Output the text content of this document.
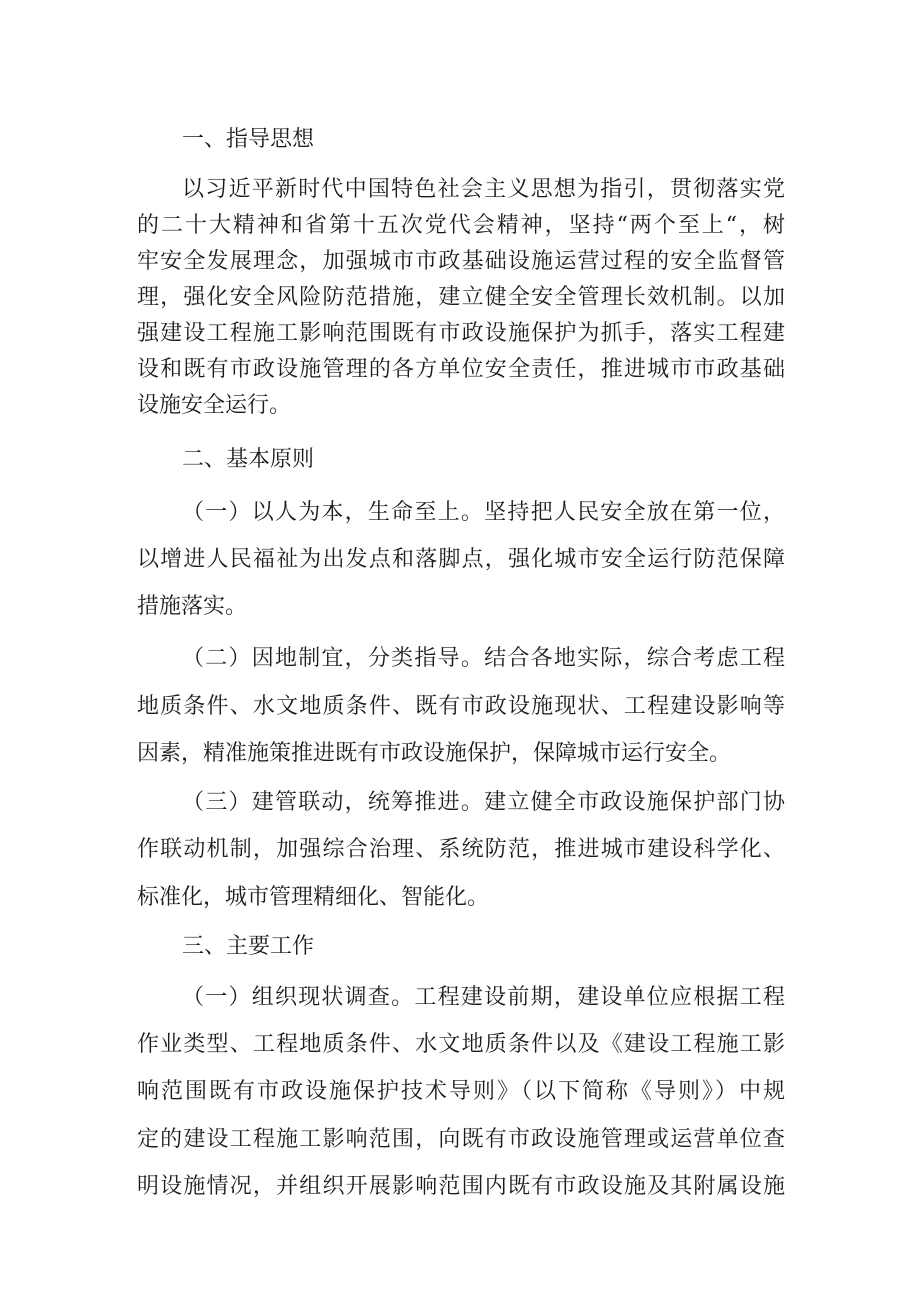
一、指导思想
以习近平新时代中国特色社会主义思想为指引，贯彻落实党
的二十大精神和省第十五次党代会精神，坚持“两个至上“，树
牢安全发展理念，加强城市市政基础设施运营过程的安全监督管
理，强化安全风险防范措施，建立健全安全管理长效机制。以加
强建设工程施工影响范围既有市政设施保护为抓手，落实工程建
设和既有市政设施管理的各方单位安全责任，推进城市市政基础
设施安全运行。
二、基本原则
（一）以人为本，生命至上。坚持把人民安全放在第一位，
以增进人民福祉为出发点和落脚点，强化城市安全运行防范保障
措施落实。
（二）因地制宜，分类指导。结合各地实际，综合考虑工程
地质条件、水文地质条件、既有市政设施现状、工程建设影响等
因素，精准施策推进既有市政设施保护，保障城市运行安全。
（三）建管联动，统筹推进。建立健全市政设施保护部门协
作联动机制，加强综合治理、系统防范，推进城市建设科学化、
标准化，城市管理精细化、智能化。
三、主要工作
（一）组织现状调查。工程建设前期，建设单位应根据工程
作业类型、工程地质条件、水文地质条件以及《建设工程施工影
响范围既有市政设施保护技术导则》（以下简称《导则》）中规
定的建设工程施工影响范围，向既有市政设施管理或运营单位查
明设施情况，并组织开展影响范围内既有市政设施及其附属设施
